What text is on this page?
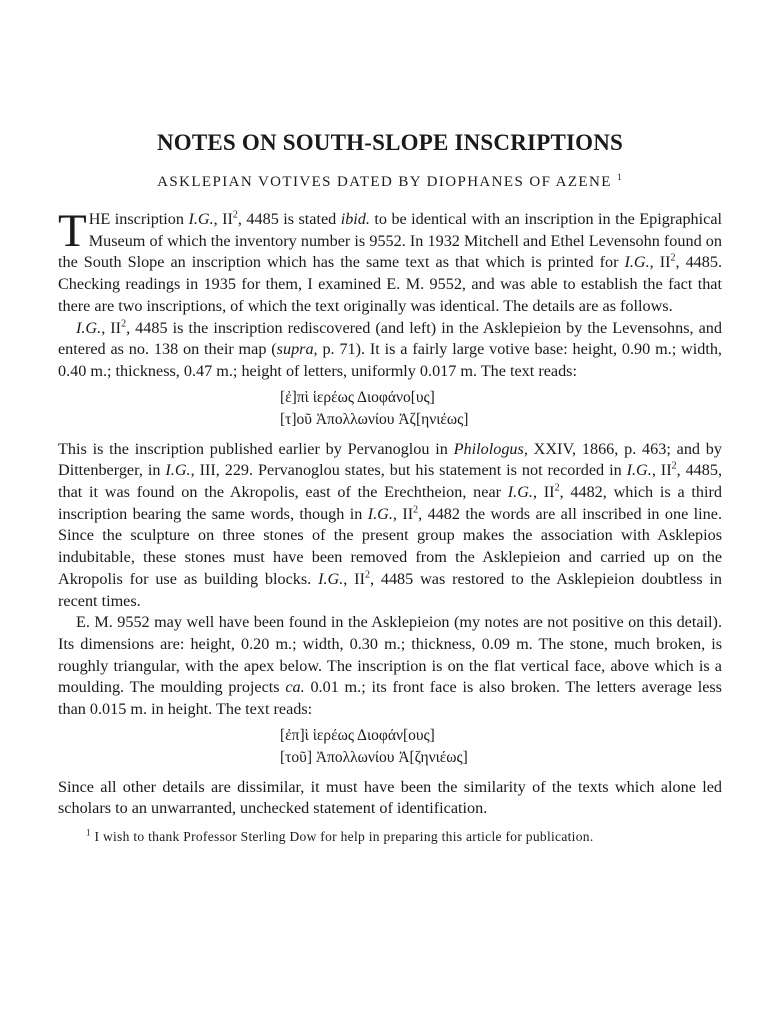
NOTES ON SOUTH-SLOPE INSCRIPTIONS
ASKLEPIAN VOTIVES DATED BY DIOPHANES OF AZENE $^1$

THE inscription I.G., $II^2$, 4485 is stated ibid. to be identical with an inscription in the Epigraphical Museum of which the inventory number is 9552. In 1932 Mitchell and Ethel Levensohn found on the South Slope an inscription which has the same text as that which is printed for I.G., $II^2$, 4485. Checking readings in 1935 for them, I examined E. M. 9552, and was able to establish the fact that there are two inscriptions, of which the text originally was identical. The details are as follows.

I.G., $II^2$, 4485 is the inscription rediscovered (and left) in the Asklepieion by the Levensohns, and entered as no. 138 on their map (supra, p. 71). It is a fairly large votive base: height, 0.90 m.; width, 0.40 m.; thickness, 0.47 m.; height of letters, uniformly 0.017 m. The text reads:

[ἐ]πὶ ἱερέως Διοφάνο[υς]
[τ]οῦ Ἀπολλωνίου Ἀζ[ηνιέως]

This is the inscription published earlier by Pervanoglou in Philologus, XXIV, 1866, p. 463; and by Dittenberger, in I.G., III, 229. Pervanoglou states, but his statement is not recorded in I.G., $II^2$, 4485, that it was found on the Akropolis, east of the Erechtheion, near I.G., $II^2$, 4482, which is a third inscription bearing the same words, though in I.G., $II^2$, 4482 the words are all inscribed in one line. Since the sculpture on three stones of the present group makes the association with Asklepios indubitable, these stones must have been removed from the Asklepieion and carried up on the Akropolis for use as building blocks. I.G., $II^2$, 4485 was restored to the Asklepieion doubtless in recent times.

E. M. 9552 may well have been found in the Asklepieion (my notes are not positive on this detail). Its dimensions are: height, 0.20 m.; width, 0.30 m.; thickness, 0.09 m. The stone, much broken, is roughly triangular, with the apex below. The inscription is on the flat vertical face, above which is a moulding. The moulding projects ca. 0.01 m.; its front face is also broken. The letters average less than 0.015 m. in height. The text reads:

[ἐπ]ὶ ἱερέως Διοφάν[ους]
[τοῦ] Ἀπολλωνίου Ἀ[ζηνιέως]

Since all other details are dissimilar, it must have been the similarity of the texts which alone led scholars to an unwarranted, unchecked statement of identification.

$^1$ I wish to thank Professor Sterling Dow for help in preparing this article for publication.
